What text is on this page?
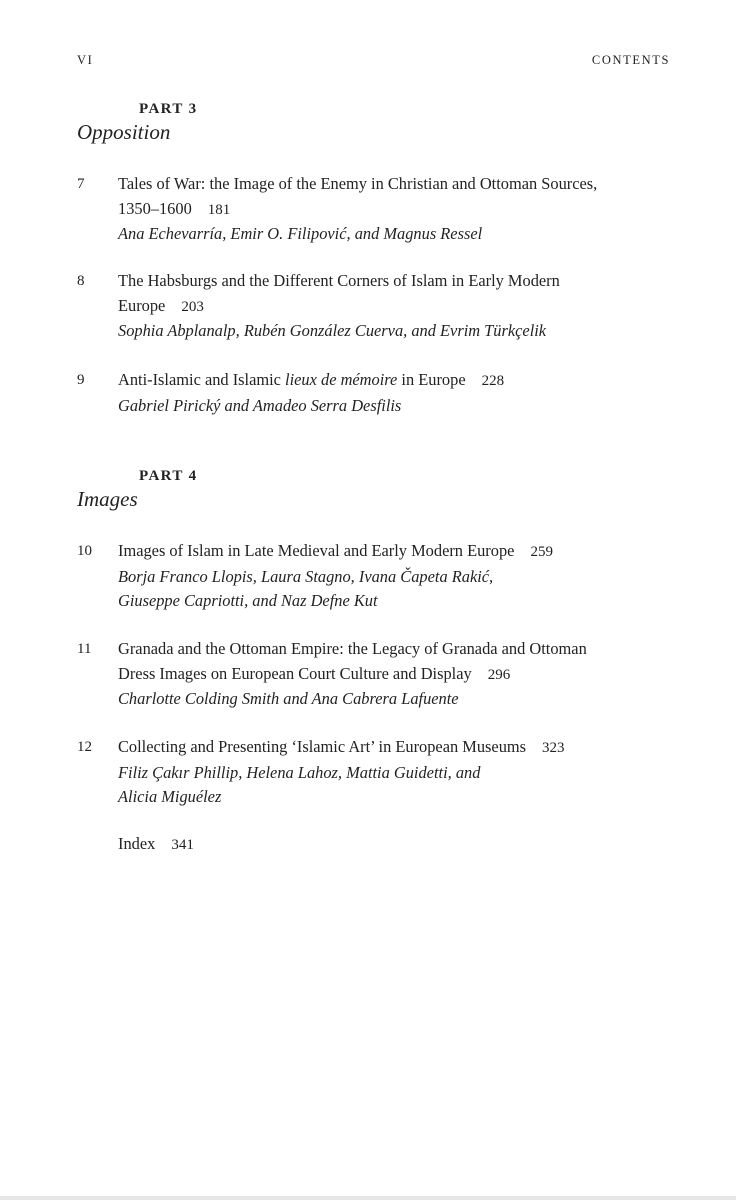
VI	CONTENTS
PART 3
Opposition
7 Tales of War: the Image of the Enemy in Christian and Ottoman Sources,
1350–1600 181
Ana Echevarría, Emir O. Filipović, and Magnus Ressel
8 The Habsburgs and the Different Corners of Islam in Early Modern
Europe 203
Sophia Abplanalp, Rubén González Cuerva, and Evrim Türkçelik
9 Anti-Islamic and Islamic lieux de mémoire in Europe 228
Gabriel Pirický and Amadeo Serra Desfilis
PART 4
Images
10 Images of Islam in Late Medieval and Early Modern Europe 259
Borja Franco Llopis, Laura Stagno, Ivana Čapeta Rakić,
Giuseppe Capriotti, and Naz Defne Kut
11 Granada and the Ottoman Empire: the Legacy of Granada and Ottoman
Dress Images on European Court Culture and Display 296
Charlotte Colding Smith and Ana Cabrera Lafuente
12 Collecting and Presenting ‘Islamic Art’ in European Museums 323
Filiz Çakır Phillip, Helena Lahoz, Mattia Guidetti, and
Alicia Miguélez
Index 341
